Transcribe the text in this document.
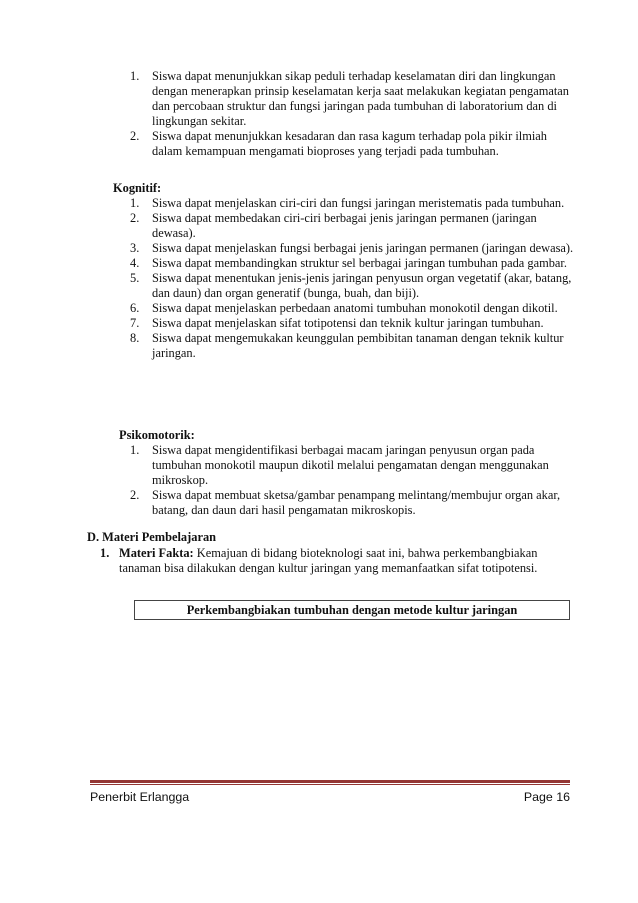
1. Siswa dapat menunjukkan sikap peduli terhadap keselamatan diri dan lingkungan dengan menerapkan prinsip keselamatan kerja saat melakukan kegiatan pengamatan dan percobaan struktur dan fungsi jaringan pada tumbuhan di laboratorium dan di lingkungan sekitar.
2. Siswa dapat menunjukkan kesadaran dan rasa kagum terhadap pola pikir ilmiah dalam kemampuan mengamati bioproses yang terjadi pada tumbuhan.
Kognitif:
1. Siswa dapat menjelaskan ciri-ciri dan fungsi jaringan meristematis pada tumbuhan.
2. Siswa dapat membedakan ciri-ciri berbagai jenis jaringan permanen (jaringan dewasa).
3. Siswa dapat menjelaskan fungsi berbagai jenis jaringan permanen (jaringan dewasa).
4. Siswa dapat membandingkan struktur sel berbagai jaringan tumbuhan pada gambar.
5. Siswa dapat menentukan jenis-jenis jaringan penyusun organ vegetatif (akar, batang, dan daun) dan organ generatif (bunga, buah, dan biji).
6. Siswa dapat menjelaskan perbedaan anatomi tumbuhan monokotil dengan dikotil.
7. Siswa dapat menjelaskan sifat totipotensi dan teknik kultur jaringan tumbuhan.
8. Siswa dapat mengemukakan keunggulan pembibitan tanaman dengan teknik kultur jaringan.
Psikomotorik:
1. Siswa dapat mengidentifikasi berbagai macam jaringan penyusun organ pada tumbuhan monokotil maupun dikotil melalui pengamatan dengan menggunakan mikroskop.
2. Siswa dapat membuat sketsa/gambar penampang melintang/membujur organ akar, batang, dan daun dari hasil pengamatan mikroskopis.
D. Materi Pembelajaran
1. Materi Fakta: Kemajuan di bidang bioteknologi saat ini, bahwa perkembangbiakan tanaman bisa dilakukan dengan kultur jaringan yang memanfaatkan sifat totipotensi.
Perkembangbiakan tumbuhan dengan metode kultur jaringan
Penerbit Erlangga	Page 16
